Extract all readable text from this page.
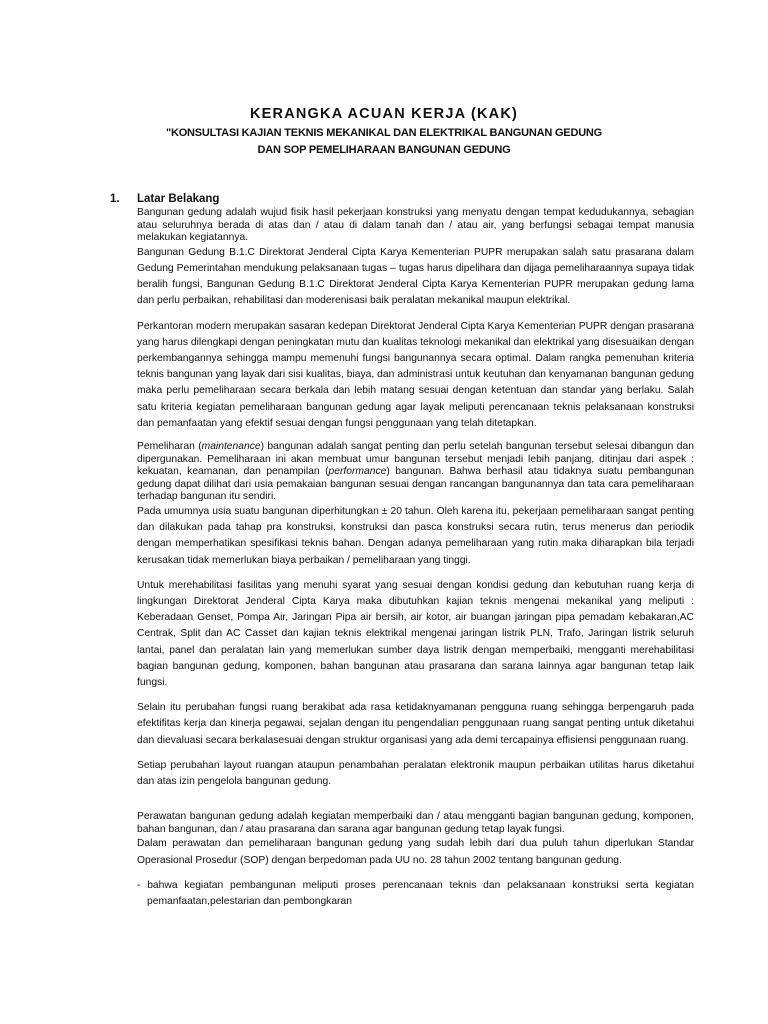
KERANGKA ACUAN KERJA (KAK)
"KONSULTASI KAJIAN TEKNIS MEKANIKAL DAN ELEKTRIKAL BANGUNAN GEDUNG
DAN SOP PEMELIHARAAN BANGUNAN GEDUNG
1. Latar Belakang

Bangunan gedung adalah wujud fisik hasil pekerjaan konstruksi yang menyatu dengan tempat kedudukannya, sebagian atau seluruhnya berada di atas dan / atau di dalam tanah dan / atau air, yang berfungsi sebagai tempat manusia melakukan kegiatannya.

Bangunan Gedung B.1.C Direktorat Jenderal Cipta Karya Kementerian PUPR merupakan salah satu prasarana dalam Gedung Pemerintahan mendukung pelaksanaan tugas – tugas harus dipelihara dan dijaga pemeliharaannya supaya tidak beralih fungsi, Bangunan Gedung B.1.C Direktorat Jenderal Cipta Karya Kementerian PUPR merupakan gedung lama dan perlu perbaikan, rehabilitasi dan moderenisasi baik peralatan mekanikal maupun elektrikal.

Perkantoran modern merupakan sasaran kedepan Direktorat Jenderal Cipta Karya Kementerian PUPR dengan prasarana yang harus dilengkapi dengan peningkatan mutu dan kualitas teknologi mekanikal dan elektrikal yang disesuaikan dengan perkembangannya sehingga mampu memenuhi fungsi bangunannya secara optimal. Dalam rangka pemenuhan kriteria teknis bangunan yang layak dari sisi kualitas, biaya, dan administrasi untuk keutuhan dan kenyamanan bangunan gedung maka perlu pemeliharaan secara berkala dan lebih matang sesuai dengan ketentuan dan standar yang berlaku. Salah satu kriteria kegiatan pemeliharaan bangunan gedung agar layak meliputi perencanaan teknis pelaksanaan konstruksi dan pemanfaatan yang efektif sesuai dengan fungsi penggunaan yang telah ditetapkan.

Pemeliharan (maintenance) bangunan adalah sangat penting dan perlu setelah bangunan tersebut selesai dibangun dan dipergunakan. Pemeliharaan ini akan membuat umur bangunan tersebut menjadi lebih panjang, ditinjau dari aspek : kekuatan, keamanan, dan penampilan (performance) bangunan. Bahwa berhasil atau tidaknya suatu pembangunan gedung dapat dilihat dari usia pemakaian bangunan sesuai dengan rancangan bangunannya dan tata cara pemeliharaan terhadap bangunan itu sendiri.

Pada umumnya usia suatu bangunan diperhitungkan ± 20 tahun. Oleh karena itu, pekerjaan pemeliharaan sangat penting dan dilakukan pada tahap pra konstruksi, konstruksi dan pasca konstruksi secara rutin, terus menerus dan periodik dengan memperhatikan spesifikasi teknis bahan. Dengan adanya pemeliharaan yang rutin maka diharapkan bila terjadi kerusakan tidak memerlukan biaya perbaikan / pemeliharaan yang tinggi.

Untuk merehabilitasi fasilitas yang menuhi syarat yang sesuai dengan kondisi gedung dan kebutuhan ruang kerja di lingkungan Direktorat Jenderal Cipta Karya maka dibutuhkan kajian teknis mengenai mekanikal yang meliputi : Keberadaan Genset, Pompa Air, Jaringan Pipa air bersih, air kotor, air buangan jaringan pipa pemadam kebakaran,AC Centrak, Split dan AC Casset dan kajian teknis elektrikal mengenai jaringan listrik PLN, Trafo, Jaringan listrik seluruh lantai, panel dan peralatan lain yang memerlukan sumber daya listrik dengan memperbaiki, mengganti merehabilitasi bagian bangunan gedung, komponen, bahan bangunan atau prasarana dan sarana lainnya agar bangunan tetap laik fungsi.

Selain itu perubahan fungsi ruang berakibat ada rasa ketidaknyamanan pengguna ruang sehingga berpengaruh pada efektifitas kerja dan kinerja pegawai, sejalan dengan itu pengendalian penggunaan ruang sangat penting untuk diketahui dan dievaluasi secara berkalasesuai dengan struktur organisasi yang ada demi tercapainya effisiensi penggunaan ruang.

Setiap perubahan layout ruangan ataupun penambahan peralatan elektronik maupun perbaikan utilitas harus diketahui dan atas izin pengelola bangunan gedung.

Perawatan bangunan gedung adalah kegiatan memperbaiki dan / atau mengganti bagian bangunan gedung, komponen, bahan bangunan, dan / atau prasarana dan sarana agar bangunan gedung tetap layak fungsi.

Dalam perawatan dan pemeliharaan bangunan gedung yang sudah lebih dari dua puluh tahun diperlukan Standar Operasional Prosedur (SOP) dengan berpedoman pada UU no. 28 tahun 2002 tentang bangunan gedung.

- bahwa kegiatan pembangunan meliputi proses perencanaan teknis dan pelaksanaan konstruksi serta kegiatan pemanfaatan,pelestarian dan pembongkaran
